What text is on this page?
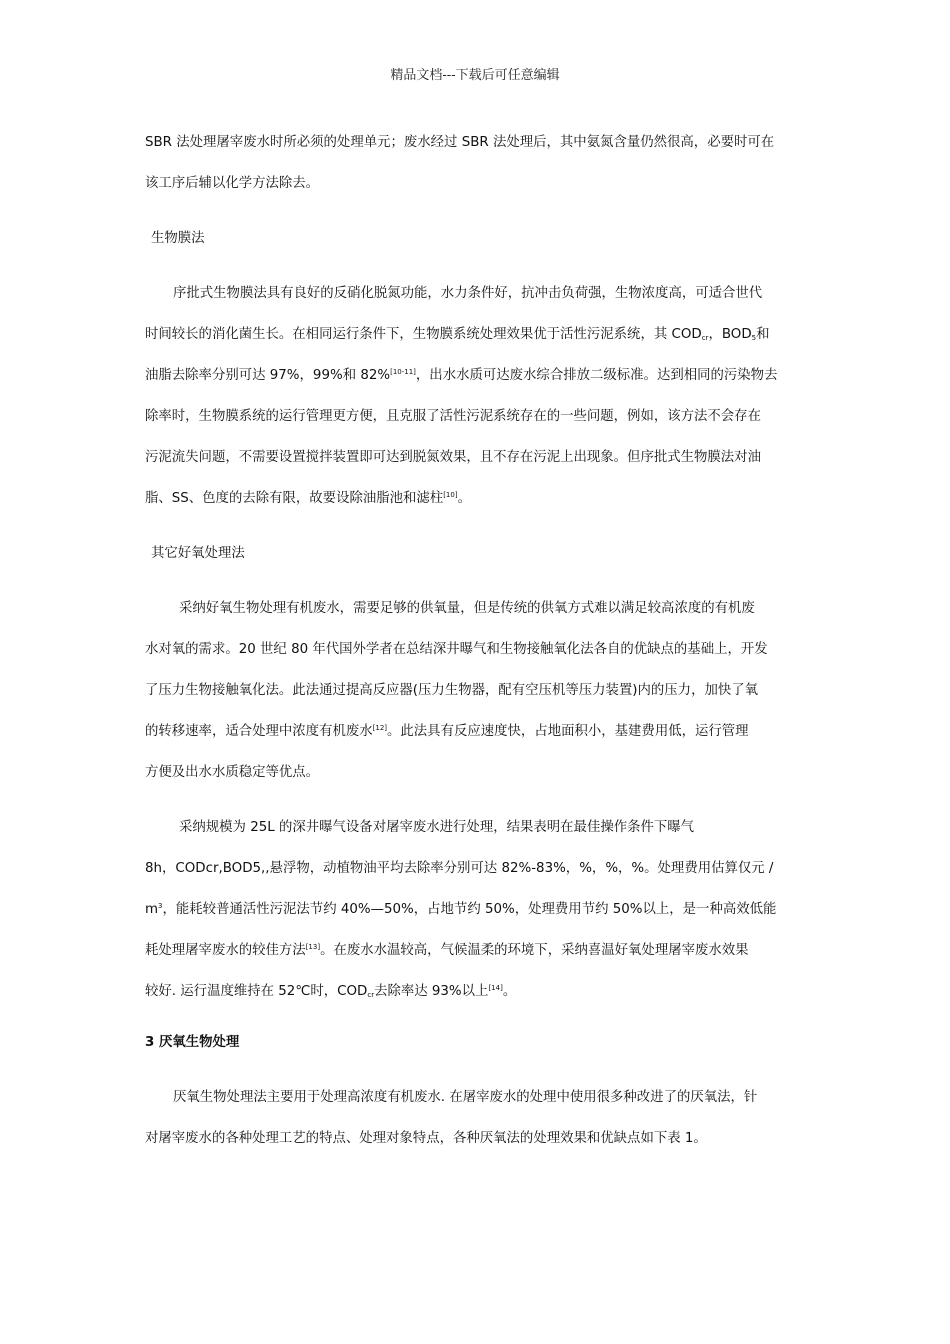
精品文档---下载后可任意编辑
SBR 法处理屠宰废水时所必须的处理单元；废水经过 SBR 法处理后，其中氨氮含量仍然很高，必要时可在
该工序后辅以化学方法除去。
生物膜法
序批式生物膜法具有良好的反硝化脱氮功能，水力条件好，抗冲击负荷强，生物浓度高，可适合世代
时间较长的消化菌生长。在相同运行条件下，生物膜系统处理效果优于活性污泥系统，其 $COD_{cr}$，$BOD_5$和
油脂去除率分别可达 97%，99%和 82%[10-11]，出水水质可达废水综合排放二级标准。达到相同的污染物去
除率时，生物膜系统的运行管理更方便，且克服了活性污泥系统存在的一些问题，例如，该方法不会存在
污泥流失问题，不需要设置搅拌装置即可达到脱氮效果，且不存在污泥上出现象。但序批式生物膜法对油
脂、SS、色度的去除有限，故要设除油脂池和滤柱[10]。
其它好氧处理法
采纳好氧生物处理有机废水，需要足够的供氧量，但是传统的供氧方式难以满足较高浓度的有机废
水对氧的需求。20 世纪 80 年代国外学者在总结深井曝气和生物接触氧化法各自的优缺点的基础上，开发
了压力生物接触氧化法。此法通过提高反应器(压力生物器，配有空压机等压力装置)内的压力，加快了氧
的转移速率，适合处理中浓度有机废水[12]。此法具有反应速度快，占地面积小，基建费用低，运行管理
方便及出水水质稳定等优点。
采纳规模为 25L 的深井曝气设备对屠宰废水进行处理，结果表明在最佳操作条件下曝气
8h，CODcr,BOD5,,悬浮物，动植物油平均去除率分别可达 82%-83%，%，%，%。处理费用估算仅元 /
$m^3$，能耗较普通活性污泥法节约 40%—50%，占地节约 50%，处理费用节约 50%以上，是一种高效低能
耗处理屠宰废水的较佳方法[13]。在废水水温较高，气候温柔的环境下，采纳喜温好氧处理屠宰废水效果
较好. 运行温度维持在 52℃时，$COD_{cr}$去除率达 93%以上[14]。
3 厌氧生物处理
厌氧生物处理法主要用于处理高浓度有机废水. 在屠宰废水的处理中使用很多种改进了的厌氧法，针
对屠宰废水的各种处理工艺的特点、处理对象特点，各种厌氧法的处理效果和优缺点如下表 1。
